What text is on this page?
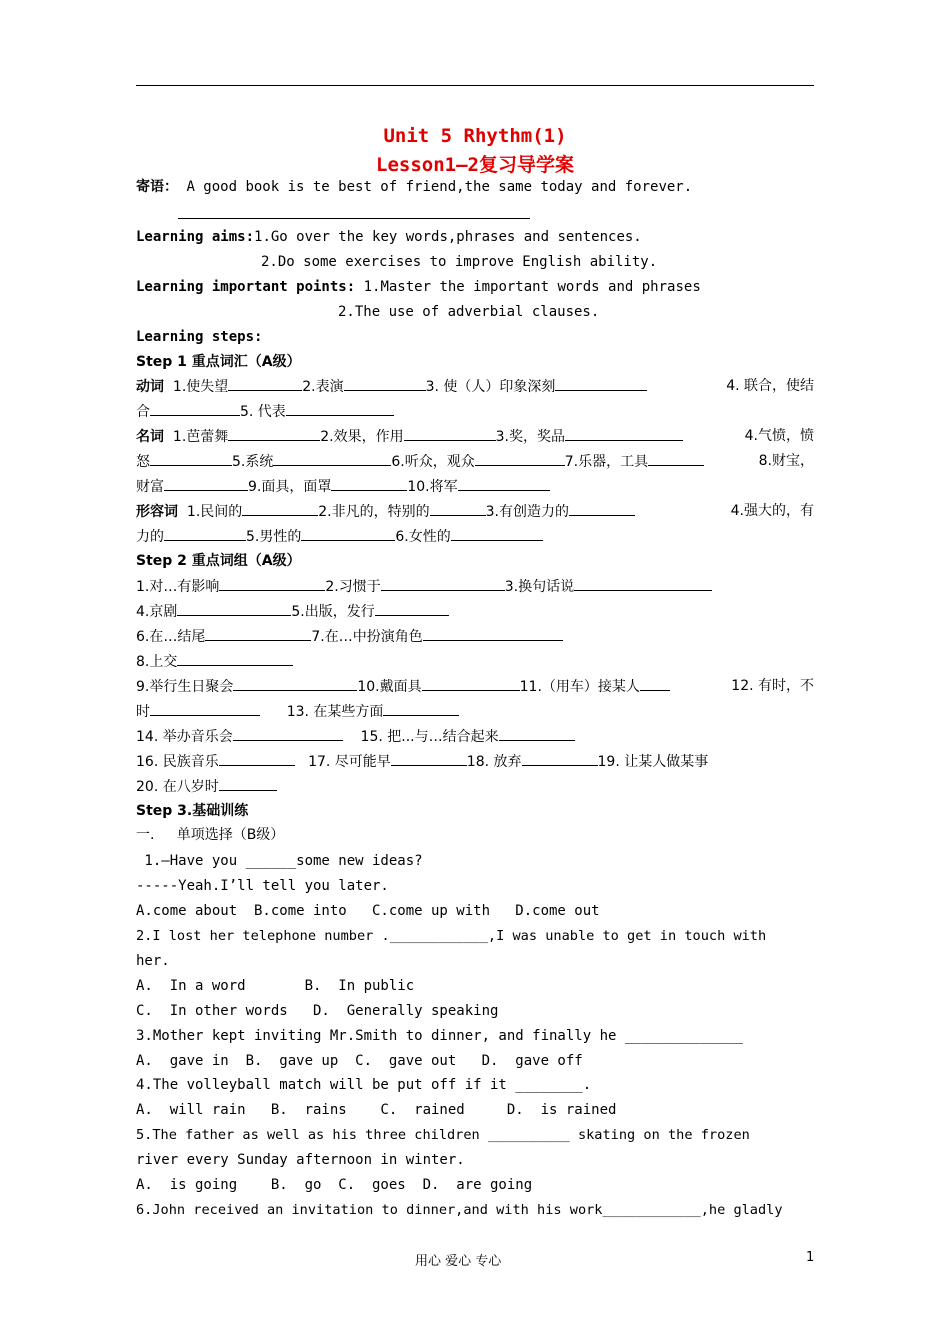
Unit 5 Rhythm(1)
Lesson1—2复习导学案
寄语： A good book is te best of friend,the same today and forever.
Learning aims:1.Go over the key words,phrases and sentences.
2.Do some exercises to improve English ability.
Learning important points: 1.Master the important words and phrases
2.The use of adverbial clauses.
Learning steps:
Step 1 重点词汇（A级）
动词 1.使失望	2.表演	3. 使（人）印象深刻	4. 联合，使结
合	5. 代表
名词 1.芭蕾舞	2.效果，作用	3.奖，奖品	4.气愤，愤
怒	5.系统	6.听众，观众	7.乐器，工具	8.财宝，
财富	9.面具，面罩	10.将军
形容词 1.民间的	2.非凡的，特别的	3.有创造力的	4.强大的，有
力的	5.男性的	6.女性的
Step 2 重点词组（A级）
1.对…有影响	2.习惯于	3.换句话说
4.京剧	5.出版，发行
6.在…结尾	7.在…中扮演角色
8.上交
9.举行生日聚会	10.戴面具	11.（用车）接某人	12. 有时，不
时	13. 在某些方面
14. 举办音乐会	15. 把...与…结合起来
16. 民族音乐	17. 尽可能早	18. 放弃	19. 让某人做某事
20. 在八岁时
Step 3.基础训练
一.     单项选择（B级）
1.—Have you ______some new ideas?
-----Yeah.I’ll tell you later.
A.come about  B.come into   C.come up with   D.come out
2.I lost her telephone number .____________,I was unable to get in touch with
her.
A.  In a word       B.  In public
C.  In other words   D.  Generally speaking
3.Mother kept inviting Mr.Smith to dinner, and finally he ______________
A.  gave in  B.  gave up  C.  gave out   D.  gave off
4.The volleyball match will be put off if it ________.
A.  will rain   B.  rains    C.  rained     D.  is rained
5.The father as well as his three children __________ skating on the frozen
river every Sunday afternoon in winter.
A.  is going    B.  go  C.  goes  D.  are going
6.John received an invitation to dinner,and with his work____________,he gladly
用心 爱心 专心	1
